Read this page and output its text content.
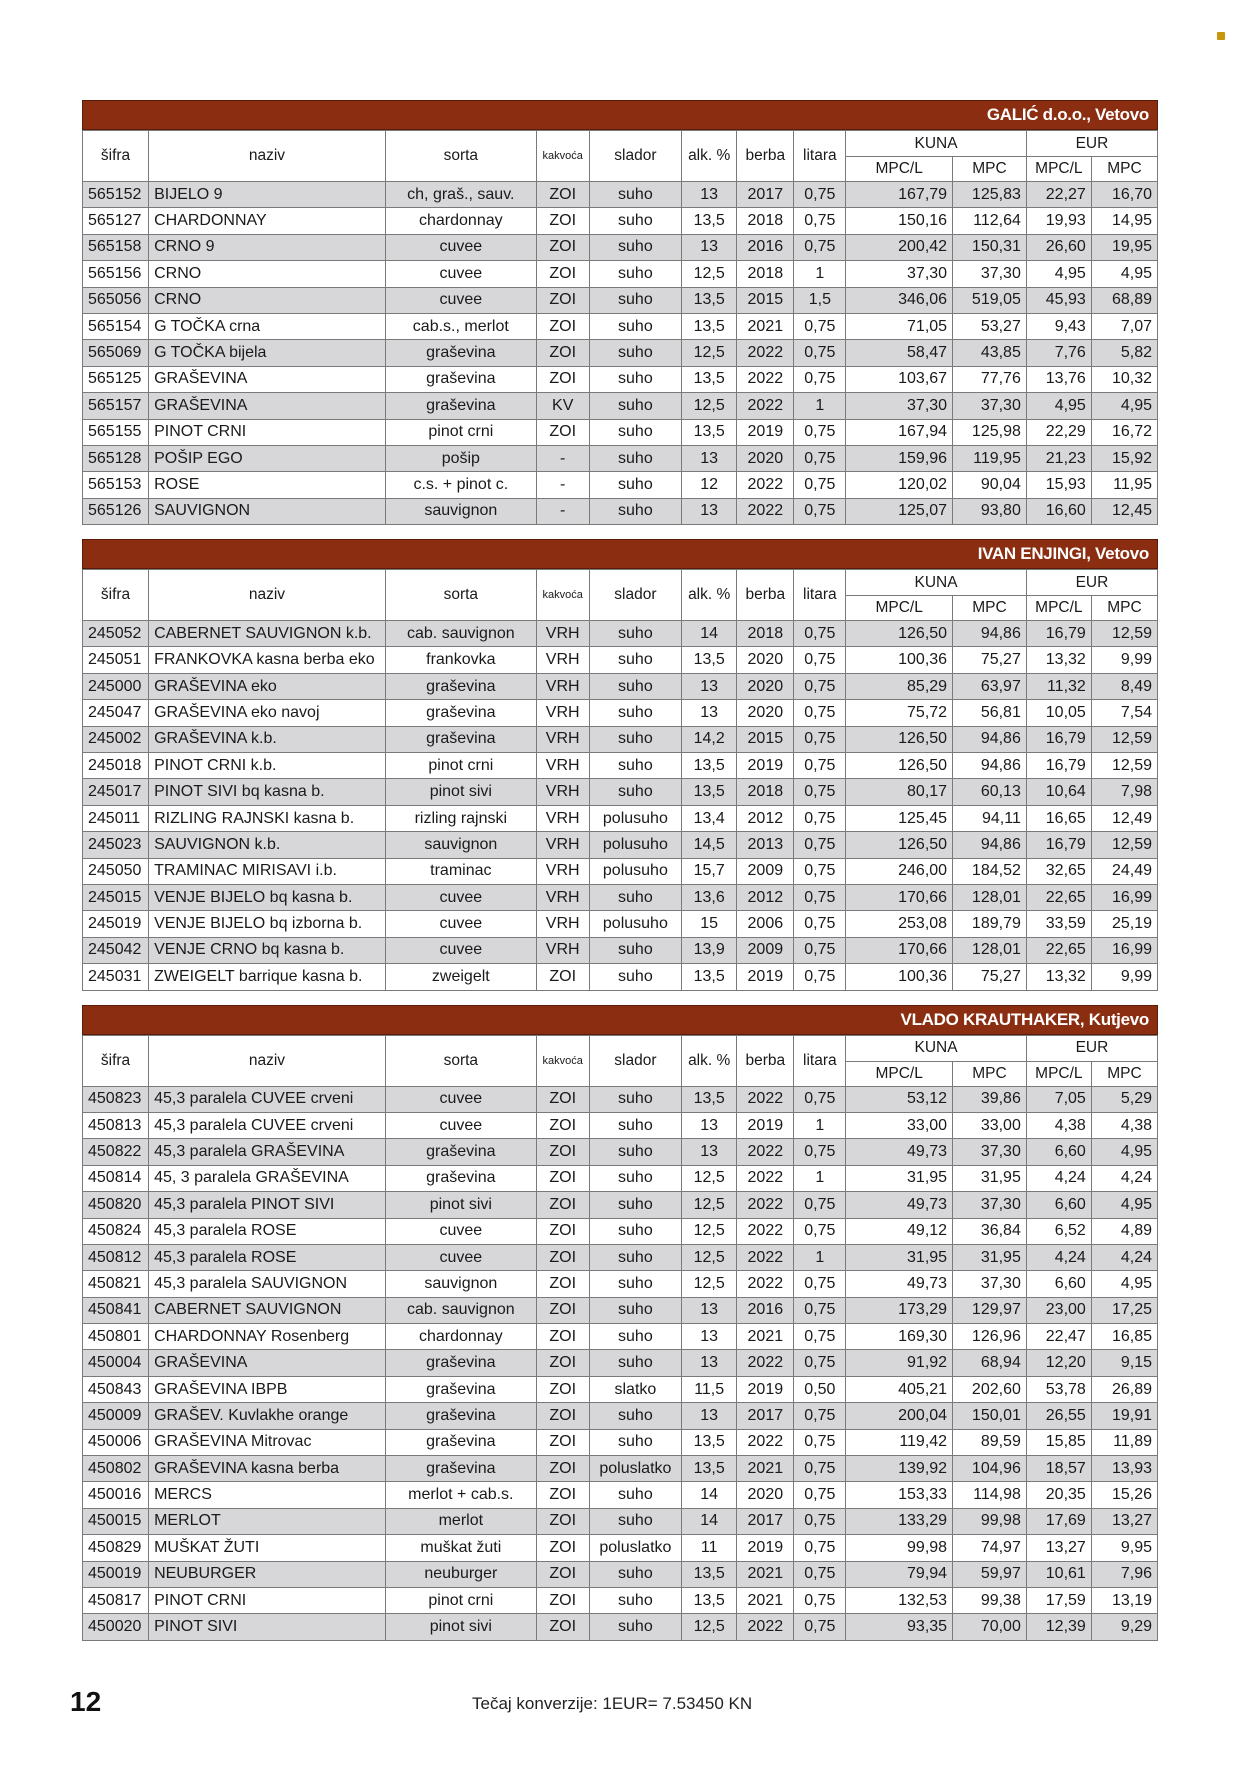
GALIĆ d.o.o., Vetovo
šifra	naziv	sorta	kakvoća	slador	alk. %	berba	litara	KUNA		EUR	
								MPC/L	MPC	MPC/L	MPC
565152	BIJELO 9	ch, graš., sauv.	ZOI	suho	13	2017	0,75	167,79	125,83	22,27	16,70
565127	CHARDONNAY	chardonnay	ZOI	suho	13,5	2018	0,75	150,16	112,64	19,93	14,95
565158	CRNO 9	cuvee	ZOI	suho	13	2016	0,75	200,42	150,31	26,60	19,95
565156	CRNO	cuvee	ZOI	suho	12,5	2018	1	37,30	37,30	4,95	4,95
565056	CRNO	cuvee	ZOI	suho	13,5	2015	1,5	346,06	519,05	45,93	68,89
565154	G TOČKA crna	cab.s., merlot	ZOI	suho	13,5	2021	0,75	71,05	53,27	9,43	7,07
565069	G TOČKA bijela	graševina	ZOI	suho	12,5	2022	0,75	58,47	43,85	7,76	5,82
565125	GRAŠEVINA	graševina	ZOI	suho	13,5	2022	0,75	103,67	77,76	13,76	10,32
565157	GRAŠEVINA	graševina	KV	suho	12,5	2022	1	37,30	37,30	4,95	4,95
565155	PINOT CRNI	pinot crni	ZOI	suho	13,5	2019	0,75	167,94	125,98	22,29	16,72
565128	POŠIP EGO	pošip	-	suho	13	2020	0,75	159,96	119,95	21,23	15,92
565153	ROSE	c.s. + pinot c.	-	suho	12	2022	0,75	120,02	90,04	15,93	11,95
565126	SAUVIGNON	sauvignon	-	suho	13	2022	0,75	125,07	93,80	16,60	12,45
IVAN ENJINGI, Vetovo
šifra	naziv	sorta	kakvoća	slador	alk. %	berba	litara	KUNA		EUR	
								MPC/L	MPC	MPC/L	MPC
245052	CABERNET SAUVIGNON k.b.	cab. sauvignon	VRH	suho	14	2018	0,75	126,50	94,86	16,79	12,59
245051	FRANKOVKA kasna berba eko	frankovka	VRH	suho	13,5	2020	0,75	100,36	75,27	13,32	9,99
245000	GRAŠEVINA eko	graševina	VRH	suho	13	2020	0,75	85,29	63,97	11,32	8,49
245047	GRAŠEVINA eko navoj	graševina	VRH	suho	13	2020	0,75	75,72	56,81	10,05	7,54
245002	GRAŠEVINA k.b.	graševina	VRH	suho	14,2	2015	0,75	126,50	94,86	16,79	12,59
245018	PINOT CRNI k.b.	pinot crni	VRH	suho	13,5	2019	0,75	126,50	94,86	16,79	12,59
245017	PINOT SIVI bq kasna b.	pinot sivi	VRH	suho	13,5	2018	0,75	80,17	60,13	10,64	7,98
245011	RIZLING RAJNSKI kasna b.	rizling rajnski	VRH	polusuho	13,4	2012	0,75	125,45	94,11	16,65	12,49
245023	SAUVIGNON k.b.	sauvignon	VRH	polusuho	14,5	2013	0,75	126,50	94,86	16,79	12,59
245050	TRAMINAC MIRISAVI i.b.	traminac	VRH	polusuho	15,7	2009	0,75	246,00	184,52	32,65	24,49
245015	VENJE BIJELO bq kasna b.	cuvee	VRH	suho	13,6	2012	0,75	170,66	128,01	22,65	16,99
245019	VENJE BIJELO bq izborna b.	cuvee	VRH	polusuho	15	2006	0,75	253,08	189,79	33,59	25,19
245042	VENJE CRNO bq kasna b.	cuvee	VRH	suho	13,9	2009	0,75	170,66	128,01	22,65	16,99
245031	ZWEIGELT barrique kasna b.	zweigelt	ZOI	suho	13,5	2019	0,75	100,36	75,27	13,32	9,99
VLADO KRAUTHAKER, Kutjevo
šifra	naziv	sorta	kakvoća	slador	alk. %	berba	litara	KUNA		EUR	
								MPC/L	MPC	MPC/L	MPC
450823	45,3 paralela CUVEE crveni	cuvee	ZOI	suho	13,5	2022	0,75	53,12	39,86	7,05	5,29
450813	45,3 paralela CUVEE crveni	cuvee	ZOI	suho	13	2019	1	33,00	33,00	4,38	4,38
450822	45,3 paralela GRAŠEVINA	graševina	ZOI	suho	13	2022	0,75	49,73	37,30	6,60	4,95
450814	45, 3 paralela GRAŠEVINA	graševina	ZOI	suho	12,5	2022	1	31,95	31,95	4,24	4,24
450820	45,3 paralela PINOT SIVI	pinot sivi	ZOI	suho	12,5	2022	0,75	49,73	37,30	6,60	4,95
450824	45,3 paralela ROSE	cuvee	ZOI	suho	12,5	2022	0,75	49,12	36,84	6,52	4,89
450812	45,3 paralela ROSE	cuvee	ZOI	suho	12,5	2022	1	31,95	31,95	4,24	4,24
450821	45,3 paralela SAUVIGNON	sauvignon	ZOI	suho	12,5	2022	0,75	49,73	37,30	6,60	4,95
450841	CABERNET SAUVIGNON	cab. sauvignon	ZOI	suho	13	2016	0,75	173,29	129,97	23,00	17,25
450801	CHARDONNAY Rosenberg	chardonnay	ZOI	suho	13	2021	0,75	169,30	126,96	22,47	16,85
450004	GRAŠEVINA	graševina	ZOI	suho	13	2022	0,75	91,92	68,94	12,20	9,15
450843	GRAŠEVINA IBPB	graševina	ZOI	slatko	11,5	2019	0,50	405,21	202,60	53,78	26,89
450009	GRAŠEV. Kuvlakhe orange	graševina	ZOI	suho	13	2017	0,75	200,04	150,01	26,55	19,91
450006	GRAŠEVINA Mitrovac	graševina	ZOI	suho	13,5	2022	0,75	119,42	89,59	15,85	11,89
450802	GRAŠEVINA kasna berba	graševina	ZOI	poluslatko	13,5	2021	0,75	139,92	104,96	18,57	13,93
450016	MERCS	merlot + cab.s.	ZOI	suho	14	2020	0,75	153,33	114,98	20,35	15,26
450015	MERLOT	merlot	ZOI	suho	14	2017	0,75	133,29	99,98	17,69	13,27
450829	MUŠKAT ŽUTI	muškat žuti	ZOI	poluslatko	11	2019	0,75	99,98	74,97	13,27	9,95
450019	NEUBURGER	neuburger	ZOI	suho	13,5	2021	0,75	79,94	59,97	10,61	7,96
450817	PINOT CRNI	pinot crni	ZOI	suho	13,5	2021	0,75	132,53	99,38	17,59	13,19
450020	PINOT SIVI	pinot sivi	ZOI	suho	12,5	2022	0,75	93,35	70,00	12,39	9,29
12	Tečaj konverzije: 1EUR= 7.53450 KN
